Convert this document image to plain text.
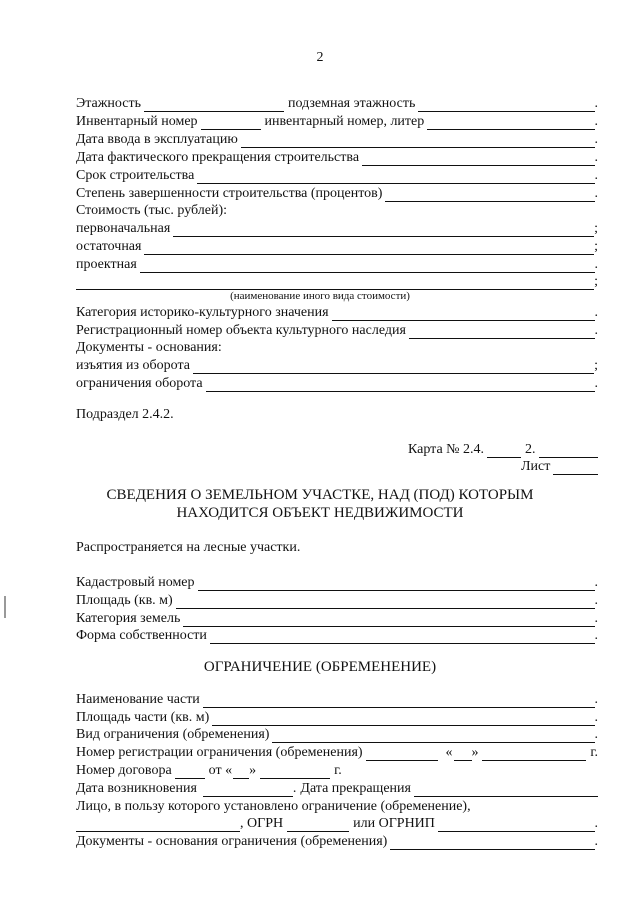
2
Этажность	подземная этажность	.
Инвентарный номер	инвентарный номер, литер	.
Дата ввода в эксплуатацию	.
Дата фактического прекращения строительства	.
Срок строительства	.
Степень завершенности строительства (процентов)	.
Стоимость (тыс. рублей):
первоначальная	;
остаточная	;
проектная	.
;
(наименование иного вида стоимости)
Категория историко-культурного значения	.
Регистрационный номер объекта культурного наследия	.
Документы - основания:
изъятия из оборота	;
ограничения оборота	.
Подраздел 2.4.2.
Карта № 2.4.	2.
Лист
СВЕДЕНИЯ О ЗЕМЕЛЬНОМ УЧАСТКЕ, НАД (ПОД) КОТОРЫМ
НАХОДИТСЯ ОБЪЕКТ НЕДВИЖИМОСТИ
Распространяется на лесные участки.
Кадастровый номер	.
Площадь (кв. м)	.
Категория земель	.
Форма собственности	.
ОГРАНИЧЕНИЕ (ОБРЕМЕНЕНИЕ)
Наименование части	.
Площадь части (кв. м)	.
Вид ограничения (обременения)	.
Номер регистрации ограничения (обременения)	« »	г.
Номер договора	от « »	г.
Дата возникновения	. Дата прекращения
Лицо, в пользу которого установлено ограничение (обременение),
, ОГРН	или ОГРНИП	.
Документы - основания ограничения (обременения)	.
